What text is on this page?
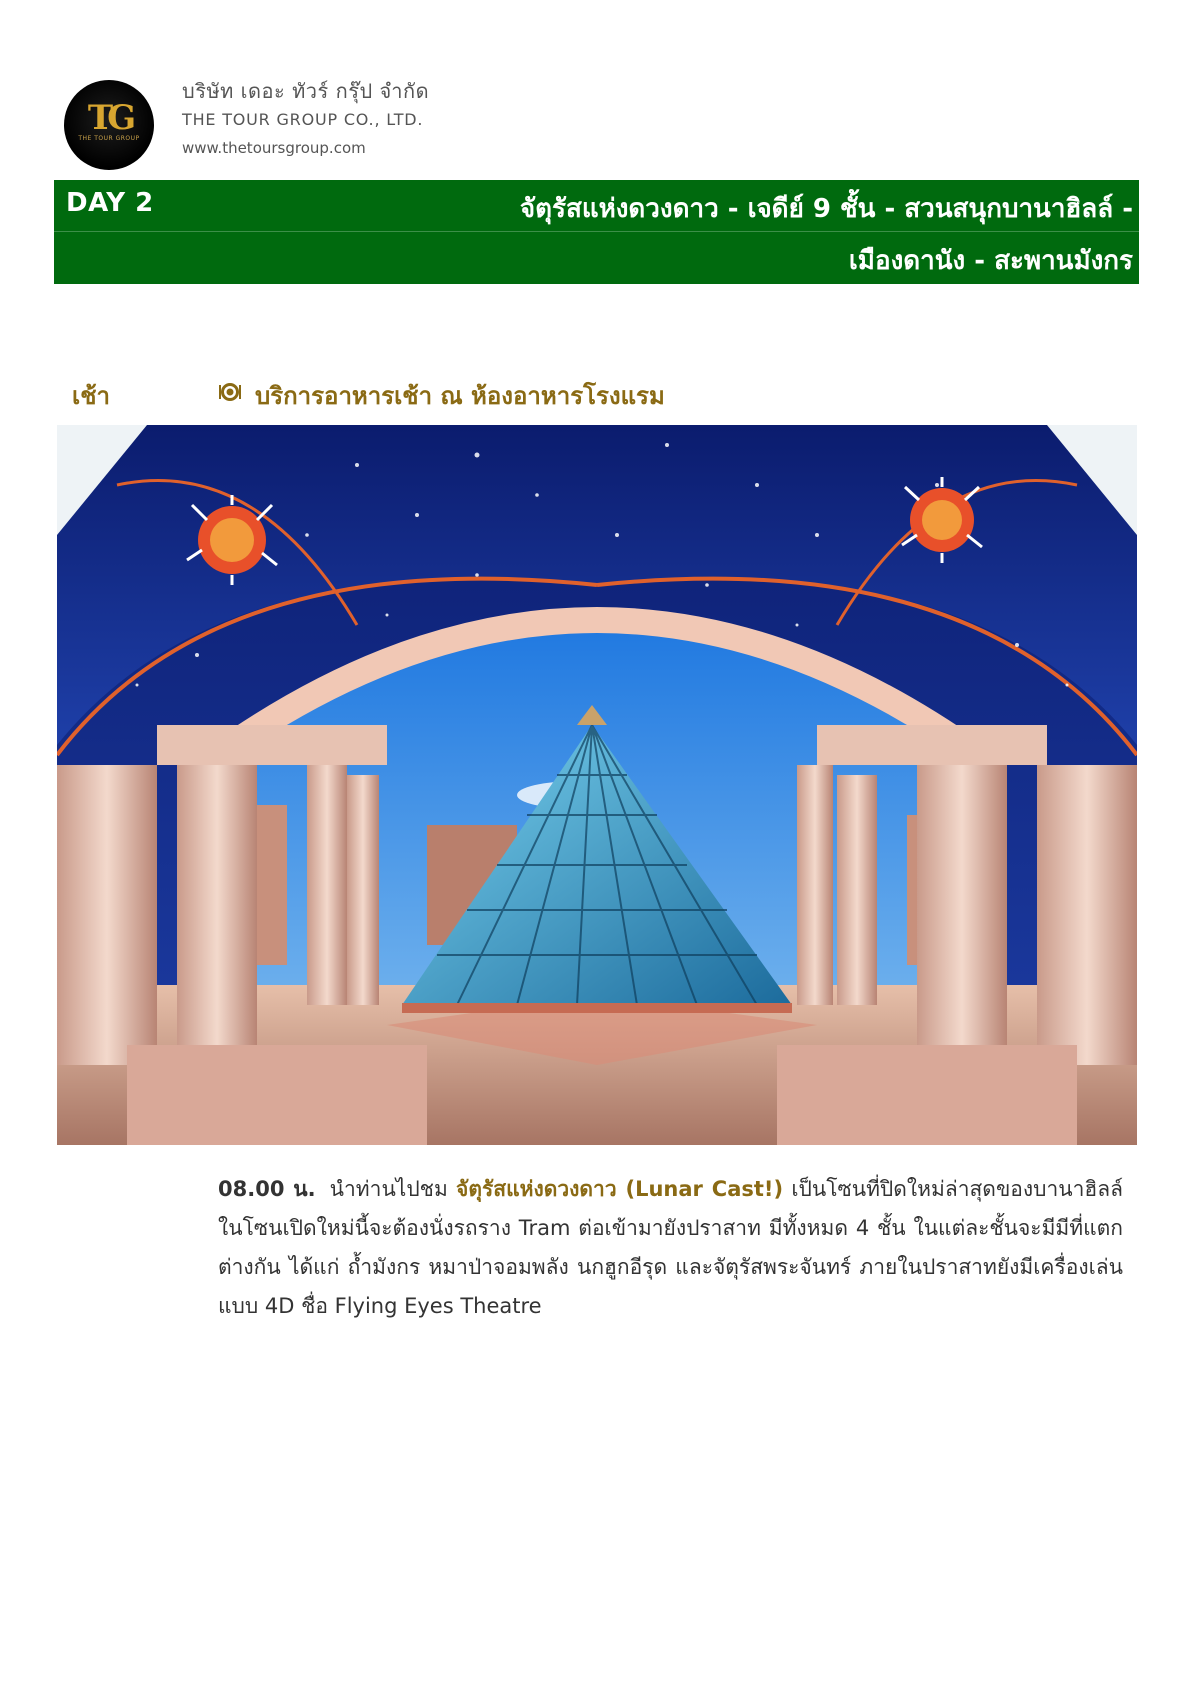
TG
THE TOUR GROUP
บริษัท เดอะ ทัวร์ กรุ๊ป จำกัด
THE TOUR GROUP CO., LTD.
www.thetoursgroup.com
DAY 2	จัตุรัสแห่งดวงดาว - เจดีย์ 9 ชั้น - สวนสนุกบานาฮิลล์ -
เมืองดานัง - สะพานมังกร
เช้า	บริการอาหารเช้า ณ ห้องอาหารโรงแรม
08.00 น. นำท่านไปชม จัตุรัสแห่งดวงดาว (Lunar Cast!) เป็นโซนที่ปิดใหม่ล่าสุดของบานาฮิลล์ ในโซนเปิดใหม่นี้จะต้องนั่งรถราง Tram ต่อเข้ามายังปราสาท มีทั้งหมด 4 ชั้น ในแต่ละชั้นจะมีมีที่แตกต่างกัน ได้แก่ ถ้ำมังกร หมาป่าจอมพลัง นกฮูกอีรุด และจัตุรัสพระจันทร์ ภายในปราสาทยังมีเครื่องเล่นแบบ 4D ชื่อ Flying Eyes Theatre
